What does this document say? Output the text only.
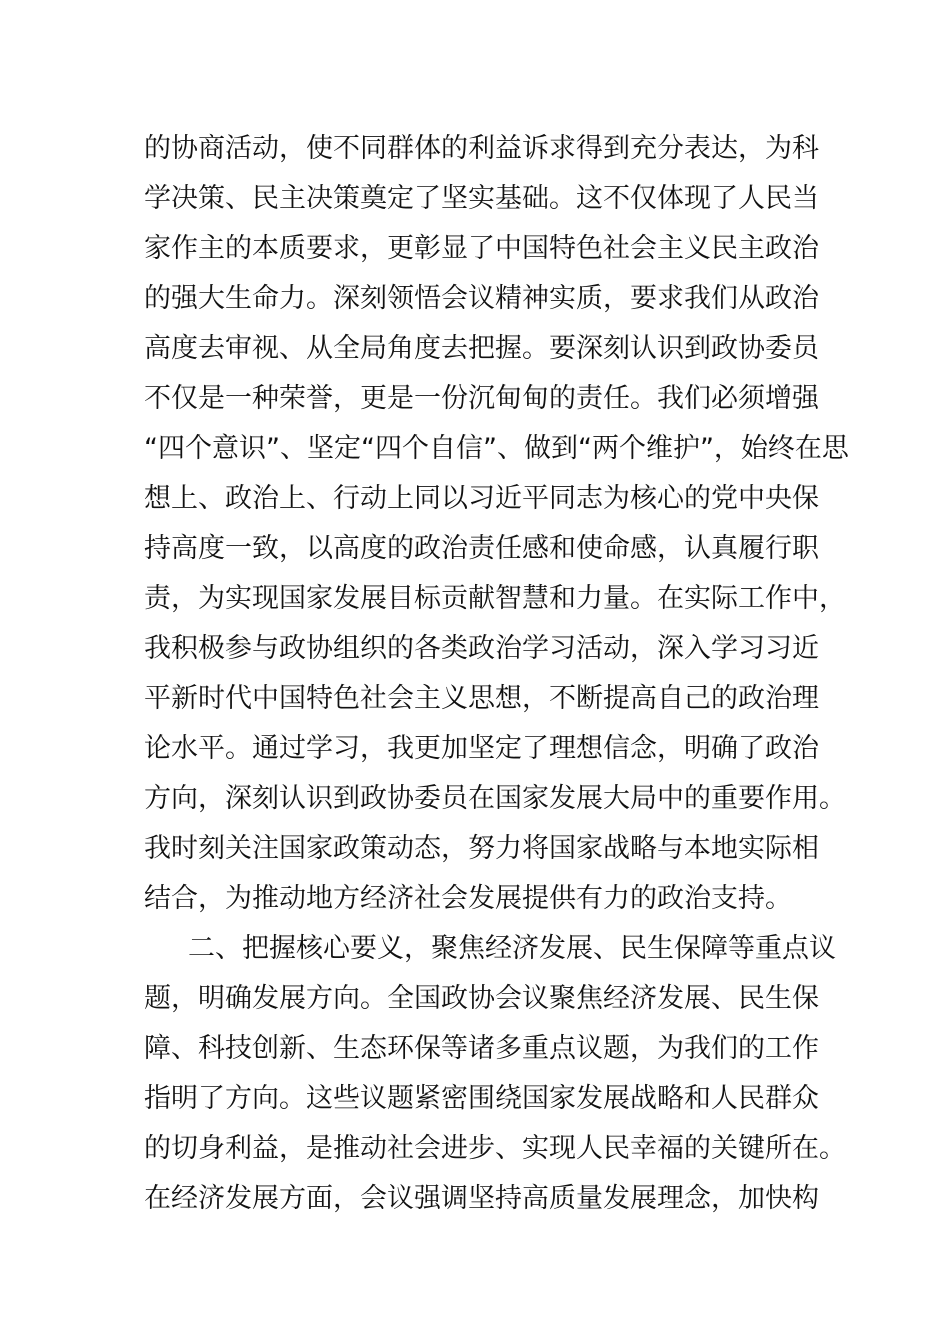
的协商活动，使不同群体的利益诉求得到充分表达，为科
学决策、民主决策奠定了坚实基础。这不仅体现了人民当
家作主的本质要求，更彰显了中国特色社会主义民主政治
的强大生命力。深刻领悟会议精神实质，要求我们从政治
高度去审视、从全局角度去把握。要深刻认识到政协委员
不仅是一种荣誉，更是一份沉甸甸的责任。我们必须增强
“四个意识”、坚定“四个自信”、做到“两个维护”，始终在思
想上、政治上、行动上同以习近平同志为核心的党中央保
持高度一致，以高度的政治责任感和使命感，认真履行职
责，为实现国家发展目标贡献智慧和力量。在实际工作中，
我积极参与政协组织的各类政治学习活动，深入学习习近
平新时代中国特色社会主义思想，不断提高自己的政治理
论水平。通过学习，我更加坚定了理想信念，明确了政治
方向，深刻认识到政协委员在国家发展大局中的重要作用。
我时刻关注国家政策动态，努力将国家战略与本地实际相
结合，为推动地方经济社会发展提供有力的政治支持。
二、把握核心要义，聚焦经济发展、民生保障等重点议
题，明确发展方向。全国政协会议聚焦经济发展、民生保
障、科技创新、生态环保等诸多重点议题，为我们的工作
指明了方向。这些议题紧密围绕国家发展战略和人民群众
的切身利益，是推动社会进步、实现人民幸福的关键所在。
在经济发展方面，会议强调坚持高质量发展理念，加快构
